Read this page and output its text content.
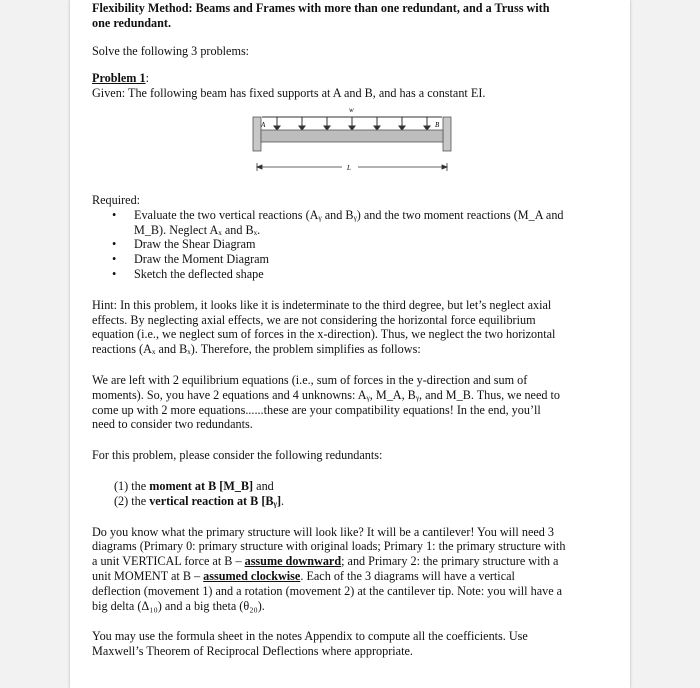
Flexibility Method: Beams and Frames with more than one redundant, and a Truss with

one redundant.

Solve the following 3 problems:

Problem 1:

Given: The following beam has fixed supports at A and B, and has a constant EI.

w
A	B
L

Required:

• Evaluate the two vertical reactions (Aᵧ and Bᵧ) and the two moment reactions (M_A and
M_B). Neglect Aₓ and Bₓ.
• Draw the Shear Diagram
• Draw the Moment Diagram
• Sketch the deflected shape

Hint: In this problem, it looks like it is indeterminate to the third degree, but let’s neglect axial

effects. By neglecting axial effects, we are not considering the horizontal force equilibrium

equation (i.e., we neglect sum of forces in the x-direction). Thus, we neglect the two horizontal

reactions (Aₓ and Bₓ). Therefore, the problem simplifies as follows:

We are left with 2 equilibrium equations (i.e., sum of forces in the y-direction and sum of

moments). So, you have 2 equations and 4 unknowns: Aᵧ, M_A, Bᵧ, and M_B. Thus, we need to

come up with 2 more equations......these are your compatibility equations! In the end, you’ll

need to consider two redundants.

For this problem, please consider the following redundants:

(1) the moment at B [M_B] and

(2) the vertical reaction at B [Bᵧ].

Do you know what the primary structure will look like? It will be a cantilever! You will need 3

diagrams (Primary 0: primary structure with original loads; Primary 1: the primary structure with

a unit VERTICAL force at B – assume downward; and Primary 2: the primary structure with a

unit MOMENT at B – assumed clockwise. Each of the 3 diagrams will have a vertical

deflection (movement 1) and a rotation (movement 2) at the cantilever tip. Note: you will have a

big delta (Δ₁₀) and a big theta (θ₂₀).

You may use the formula sheet in the notes Appendix to compute all the coefficients. Use

Maxwell’s Theorem of Reciprocal Deflections where appropriate.
